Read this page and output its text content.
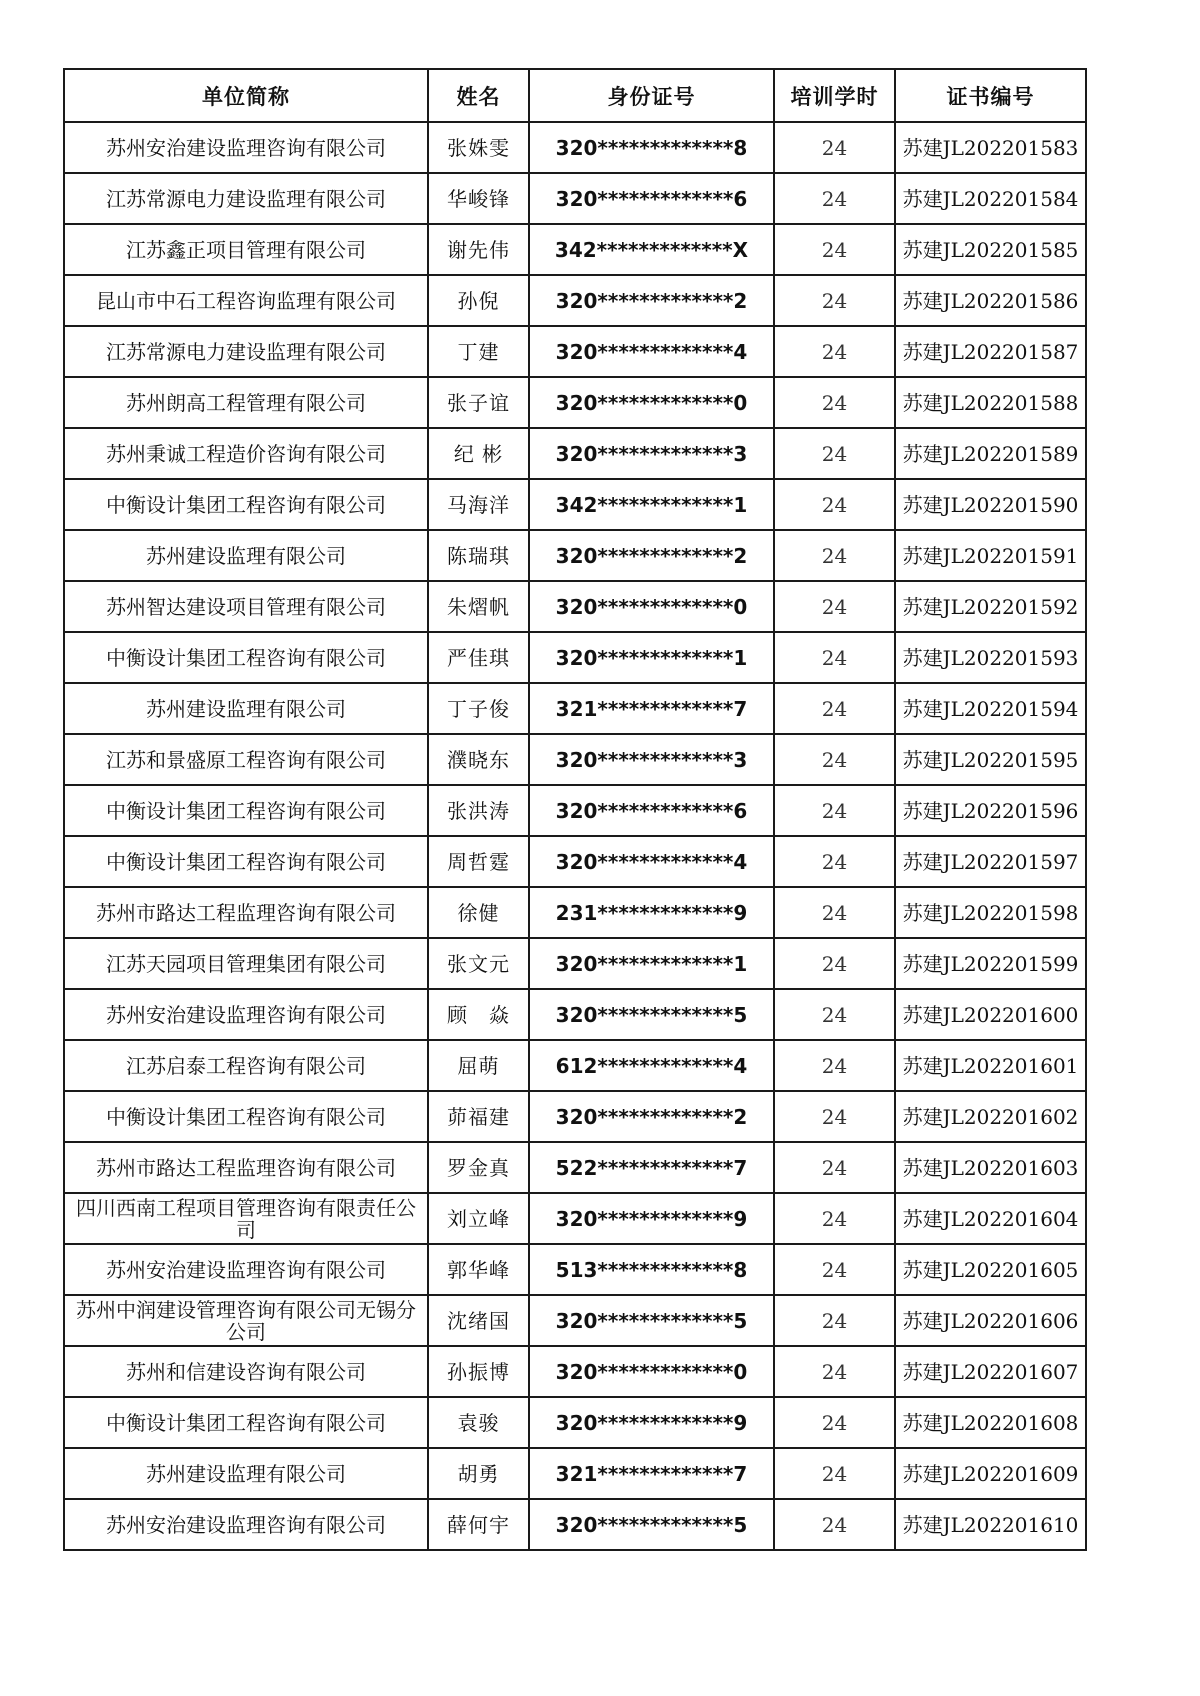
单位简称	姓名	身份证号	培训学时	证书编号
苏州安治建设监理咨询有限公司	张姝雯	320*************8	24	苏建JL202201583
江苏常源电力建设监理有限公司	华峻锋	320*************6	24	苏建JL202201584
江苏鑫正项目管理有限公司	谢先伟	342*************X	24	苏建JL202201585
昆山市中石工程咨询监理有限公司	孙倪	320*************2	24	苏建JL202201586
江苏常源电力建设监理有限公司	丁建	320*************4	24	苏建JL202201587
苏州朗高工程管理有限公司	张子谊	320*************0	24	苏建JL202201588
苏州秉诚工程造价咨询有限公司	纪 彬	320*************3	24	苏建JL202201589
中衡设计集团工程咨询有限公司	马海洋	342*************1	24	苏建JL202201590
苏州建设监理有限公司	陈瑞琪	320*************2	24	苏建JL202201591
苏州智达建设项目管理有限公司	朱熠帆	320*************0	24	苏建JL202201592
中衡设计集团工程咨询有限公司	严佳琪	320*************1	24	苏建JL202201593
苏州建设监理有限公司	丁子俊	321*************7	24	苏建JL202201594
江苏和景盛原工程咨询有限公司	濮晓东	320*************3	24	苏建JL202201595
中衡设计集团工程咨询有限公司	张洪涛	320*************6	24	苏建JL202201596
中衡设计集团工程咨询有限公司	周哲霆	320*************4	24	苏建JL202201597
苏州市路达工程监理咨询有限公司	徐健	231*************9	24	苏建JL202201598
江苏天园项目管理集团有限公司	张文元	320*************1	24	苏建JL202201599
苏州安治建设监理咨询有限公司	顾　焱	320*************5	24	苏建JL202201600
江苏启泰工程咨询有限公司	屈萌	612*************4	24	苏建JL202201601
中衡设计集团工程咨询有限公司	茆福建	320*************2	24	苏建JL202201602
苏州市路达工程监理咨询有限公司	罗金真	522*************7	24	苏建JL202201603
四川西南工程项目管理咨询有限责任公司	刘立峰	320*************9	24	苏建JL202201604
苏州安治建设监理咨询有限公司	郭华峰	513*************8	24	苏建JL202201605
苏州中润建设管理咨询有限公司无锡分公司	沈绪国	320*************5	24	苏建JL202201606
苏州和信建设咨询有限公司	孙振博	320*************0	24	苏建JL202201607
中衡设计集团工程咨询有限公司	袁骏	320*************9	24	苏建JL202201608
苏州建设监理有限公司	胡勇	321*************7	24	苏建JL202201609
苏州安治建设监理咨询有限公司	薛何宇	320*************5	24	苏建JL202201610
